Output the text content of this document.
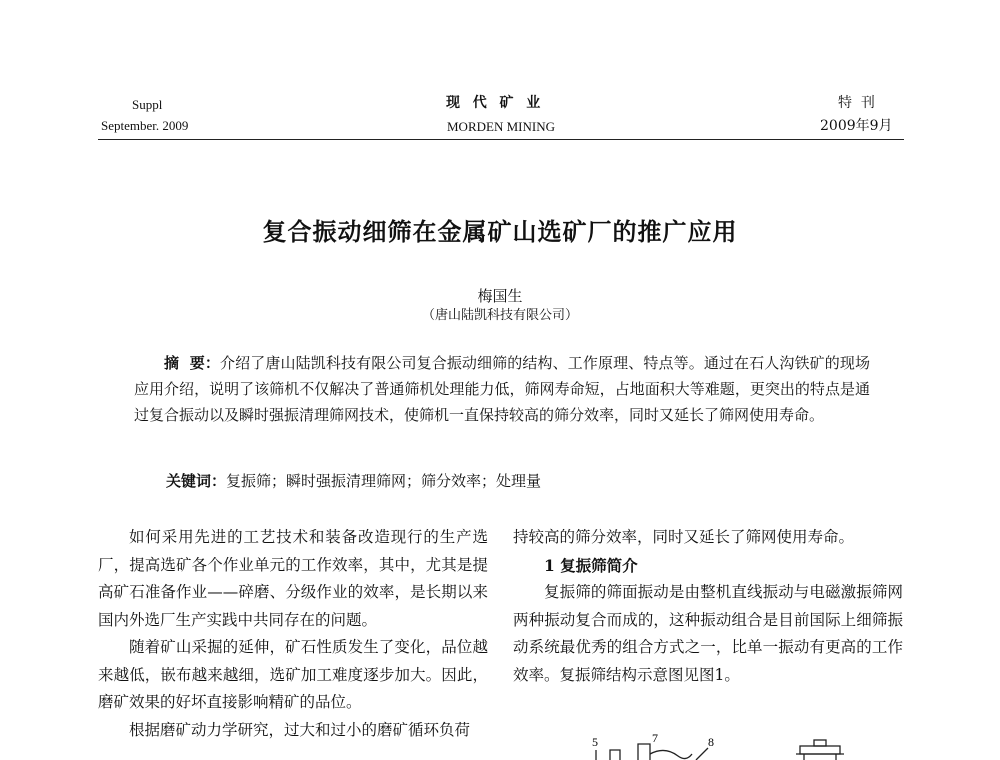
Suppl
September. 2009
现  代  矿  业
MORDEN MINING
特  刊
2009年9月
复合振动细筛在金属矿山选矿厂的推广应用
梅国生
（唐山陆凯科技有限公司）
摘  要：介绍了唐山陆凯科技有限公司复合振动细筛的结构、工作原理、特点等。通过在石人沟铁矿的现场应用介绍，说明了该筛机不仅解决了普通筛机处理能力低，筛网寿命短，占地面积大等难题，更突出的特点是通过复合振动以及瞬时强振清理筛网技术，使筛机一直保持较高的筛分效率，同时又延长了筛网使用寿命。
关键词：复振筛；瞬时强振清理筛网；筛分效率；处理量

如何采用先进的工艺技术和装备改造现行的生产选厂，提高选矿各个作业单元的工作效率，其中，尤其是提高矿石准备作业——碎磨、分级作业的效率，是长期以来国内外选厂生产实践中共同存在的问题。

随着矿山采掘的延伸，矿石性质发生了变化，品位越来越低，嵌布越来越细，选矿加工难度逐步加大。因此，磨矿效果的好坏直接影响精矿的品位。

根据磨矿动力学研究，过大和过小的磨矿循环负荷

持较高的筛分效率，同时又延长了筛网使用寿命。

1 复振筛简介

复振筛的筛面振动是由整机直线振动与电磁激振筛网两种振动复合而成的，这种振动组合是目前国际上细筛振动系统最优秀的组合方式之一，比单一振动有更高的工作效率。复振筛结构示意图见图1。

5	7	8
